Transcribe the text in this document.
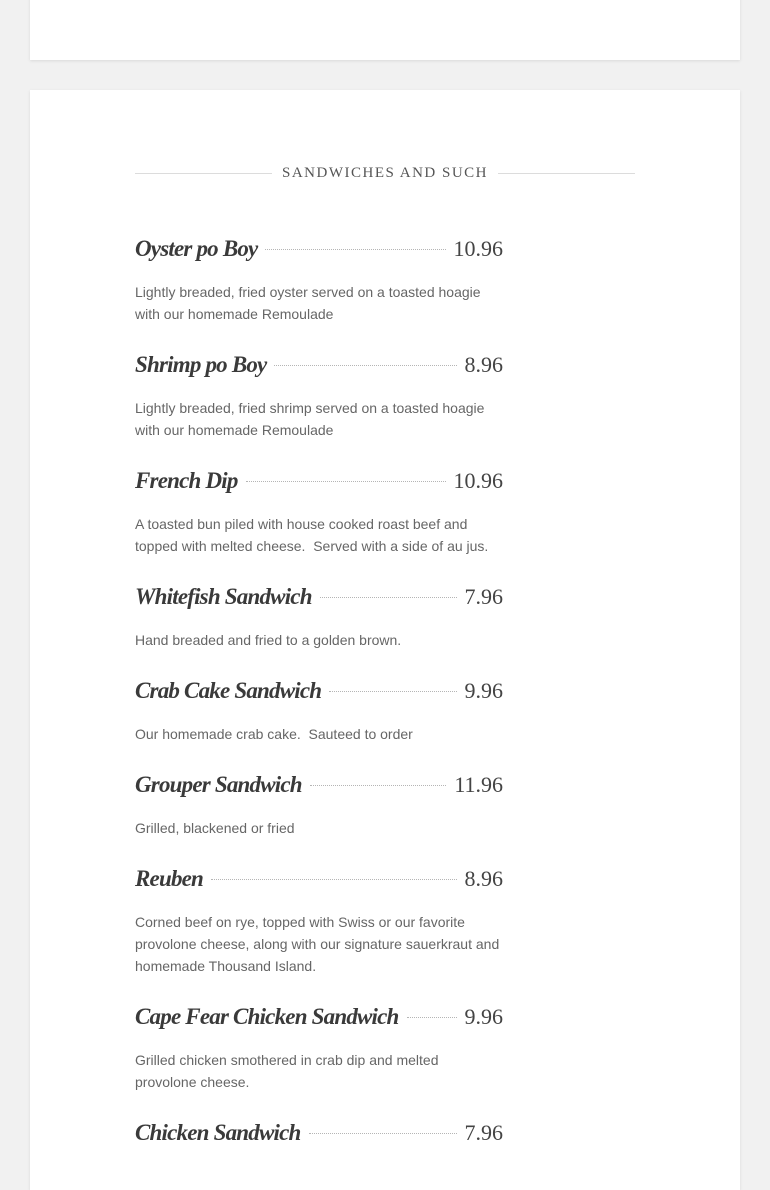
SANDWICHES AND SUCH
Oyster po Boy	10.96
Lightly breaded, fried oyster served on a toasted hoagie with our homemade Remoulade
Shrimp po Boy	8.96
Lightly breaded, fried shrimp served on a toasted hoagie with our homemade Remoulade
French Dip	10.96
A toasted bun piled with house cooked roast beef and topped with melted cheese.  Served with a side of au jus.
Whitefish Sandwich	7.96
Hand breaded and fried to a golden brown.
Crab Cake Sandwich	9.96
Our homemade crab cake.  Sauteed to order
Grouper Sandwich	11.96
Grilled, blackened or fried
Reuben	8.96
Corned beef on rye, topped with Swiss or our favorite provolone cheese, along with our signature sauerkraut and homemade Thousand Island.
Cape Fear Chicken Sandwich	9.96
Grilled chicken smothered in crab dip and melted provolone cheese.
Chicken Sandwich	7.96
